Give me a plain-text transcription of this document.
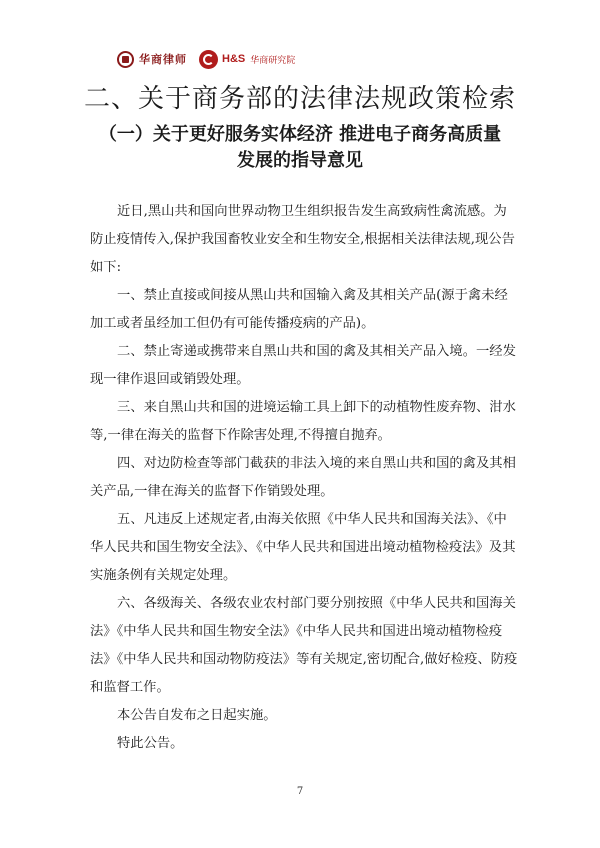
华商律师	H&S 华商研究院
二、关于商务部的法律法规政策检索
（一）关于更好服务实体经济 推进电子商务高质量
发展的指导意见

近日,黑山共和国向世界动物卫生组织报告发生高致病性禽流感。为防止疫情传入,保护我国畜牧业安全和生物安全,根据相关法律法规,现公告如下:

一、禁止直接或间接从黑山共和国输入禽及其相关产品(源于禽未经加工或者虽经加工但仍有可能传播疫病的产品)。

二、禁止寄递或携带来自黑山共和国的禽及其相关产品入境。一经发现一律作退回或销毁处理。

三、来自黑山共和国的进境运输工具上卸下的动植物性废弃物、泔水等,一律在海关的监督下作除害处理,不得擅自抛弃。

四、对边防检查等部门截获的非法入境的来自黑山共和国的禽及其相关产品,一律在海关的监督下作销毁处理。

五、凡违反上述规定者,由海关依照《中华人民共和国海关法》、《中华人民共和国生物安全法》、《中华人民共和国进出境动植物检疫法》及其实施条例有关规定处理。

六、各级海关、各级农业农村部门要分别按照《中华人民共和国海关法》《中华人民共和国生物安全法》《中华人民共和国进出境动植物检疫法》《中华人民共和国动物防疫法》等有关规定,密切配合,做好检疫、防疫和监督工作。

本公告自发布之日起实施。

特此公告。

7
